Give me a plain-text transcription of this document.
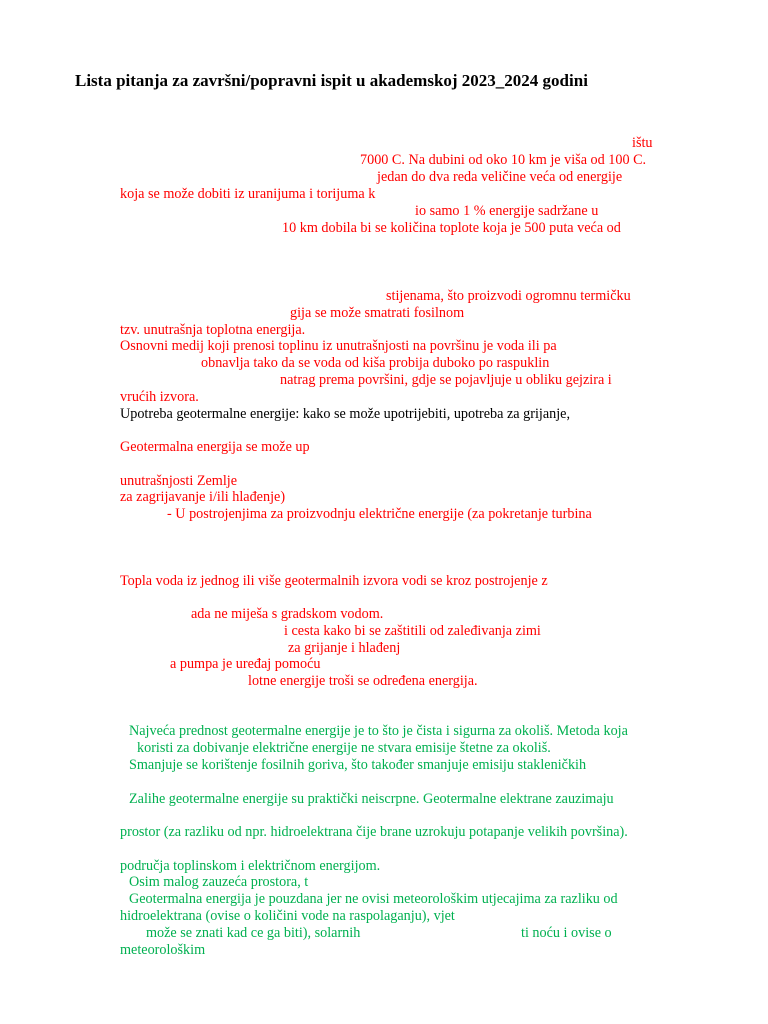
Lista pitanja za završni/popravni ispit u akademskoj 2023_2024 godini
ištu
7000 C. Na dubini od oko 10 km je viša od 100 C.
jedan do dva reda veličine veća od energije
koja se može dobiti iz uranijuma i torijuma k
io samo 1 % energije sadržane u
10 km dobila bi se količina toplote koja je 500 puta veća od
stijenama, što proizvodi ogromnu termičku
gija se može smatrati fosilnom
tzv. unutrašnja toplotna energija.
Osnovni medij koji prenosi toplinu iz unutrašnjosti na površinu je voda ili pa
obnavlja tako da se voda od kiša probija duboko po raspuklin
natrag prema površini, gdje se pojavljuje u obliku gejzira i
vrućih izvora.
Upotreba geotermalne energije: kako se može upotrijebiti, upotreba za grijanje,
Geotermalna energija se može up
unutrašnjosti Zemlje
za zagrijavanje i/ili hlađenje)
- U postrojenjima za proizvodnju električne energije (za pokretanje turbina
Topla voda iz jednog ili više geotermalnih izvora vodi se kroz postrojenje z
ada ne miješa s gradskom vodom.
i cesta kako bi se zaštitili od zaleđivanja zimi
za grijanje i hlađenj
a pumpa je uređaj pomoću
lotne energije troši se određena energija.
Najveća prednost geotermalne energije je to što je čista i sigurna za okoliš. Metoda koja
koristi za dobivanje električne energije ne stvara emisije štetne za okoliš.
Smanjuje se korištenje fosilnih goriva, što također smanjuje emisiju stakleničkih
Zalihe geotermalne energije su praktički neiscrpne. Geotermalne elektrane zauzimaju
prostor (za razliku od npr. hidroelektrana čije brane uzrokuju potapanje velikih površina).
područja toplinskom i električnom energijom.
Osim malog zauzeća prostora, t
Geotermalna energija je pouzdana jer ne ovisi meteorološkim utjecajima za razliku od
hidroelektrana (ovise o količini vode na raspolaganju), vjet
može se znati kad ce ga biti), solarnih	ti noću i ovise o
meteorološkim
